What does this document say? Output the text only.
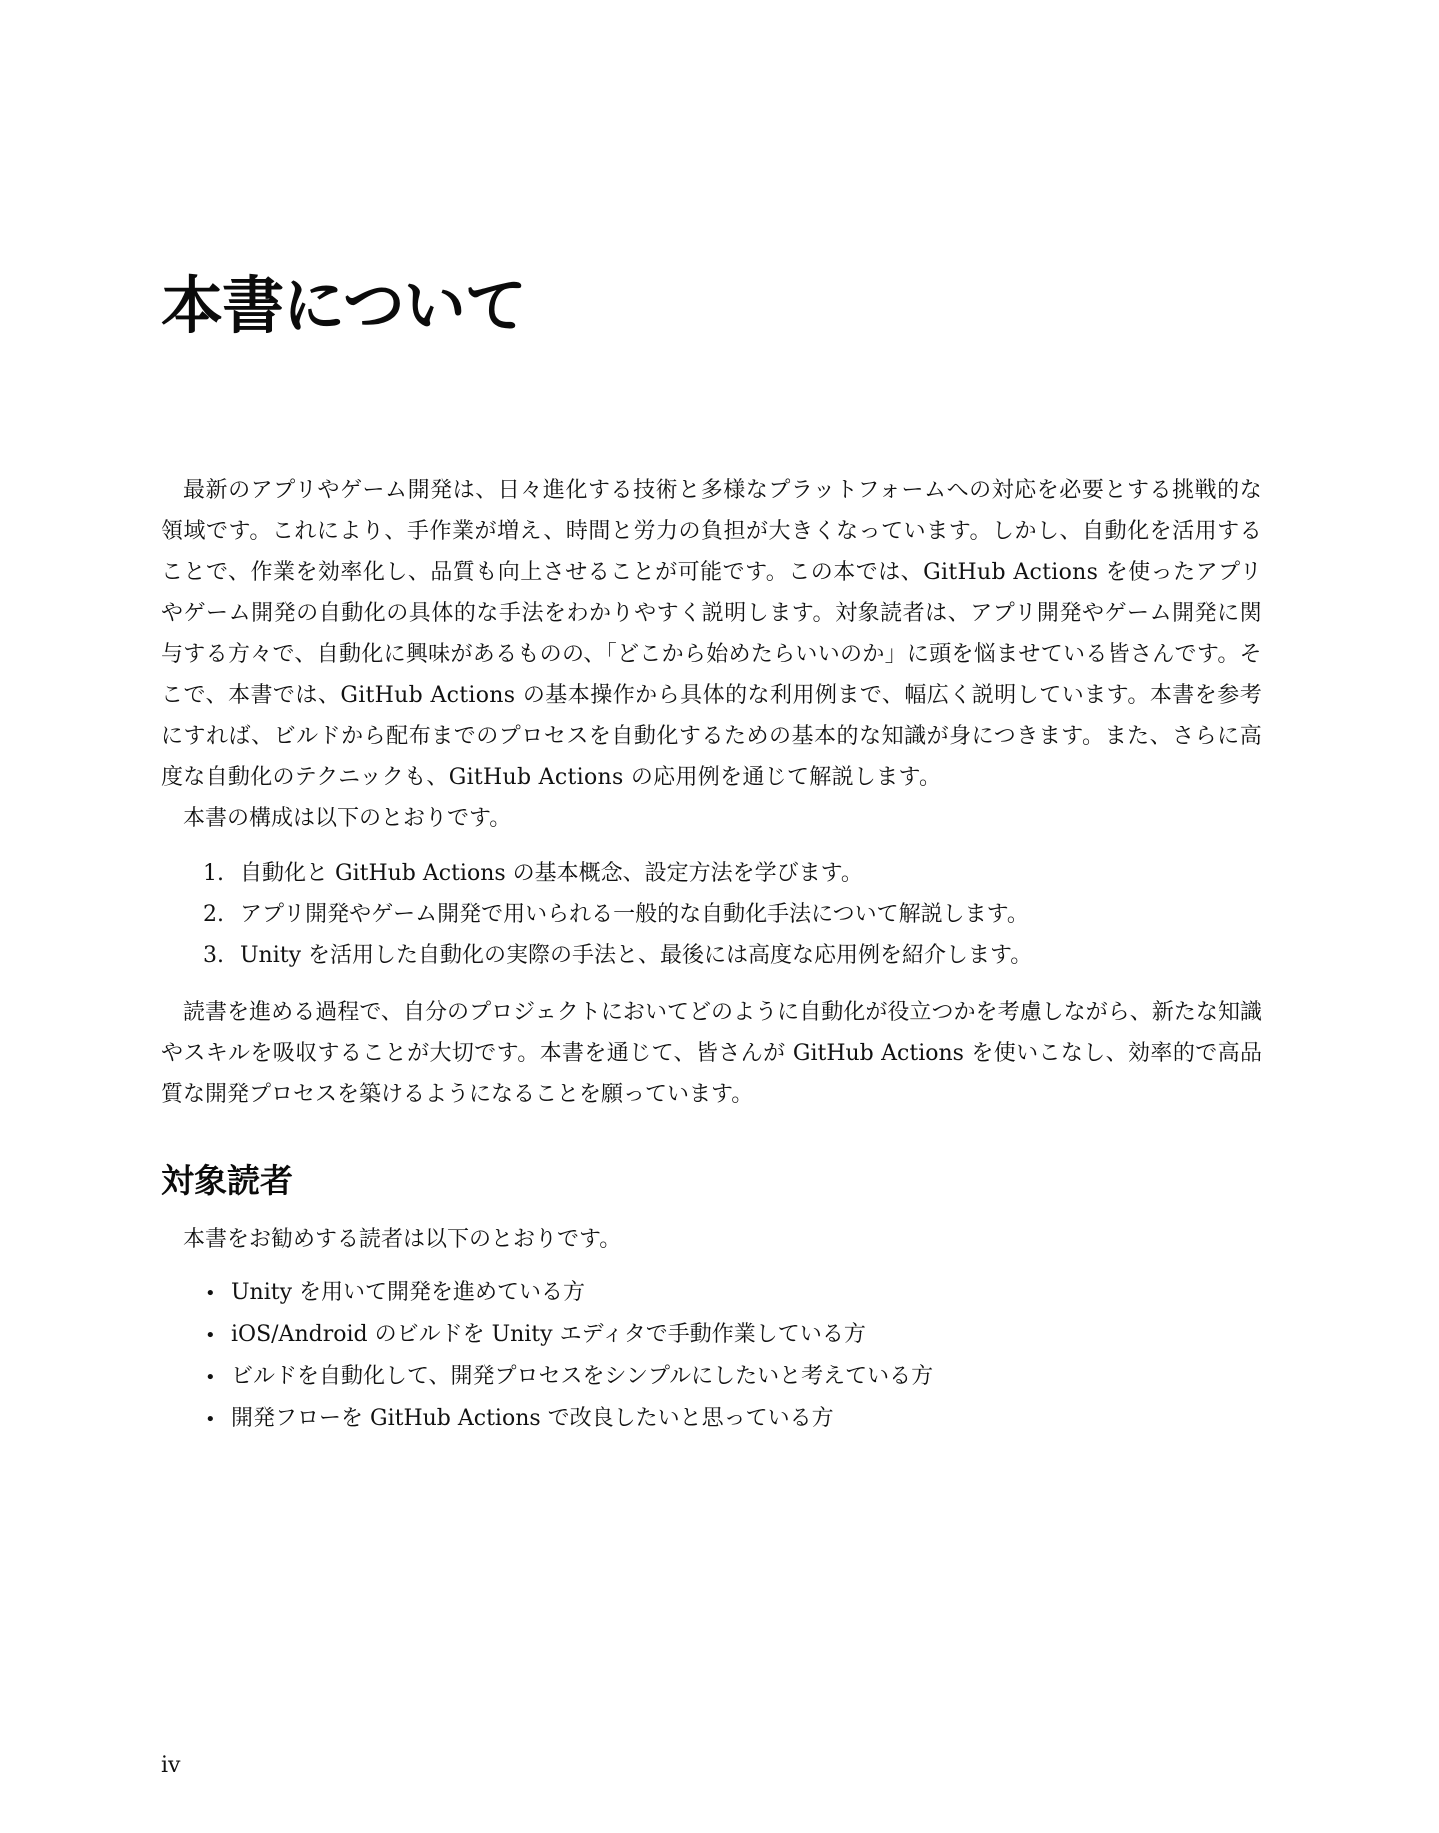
本書について

最新のアプリやゲーム開発は、日々進化する技術と多様なプラットフォームへの対応を必要とする挑戦的な領域です。これにより、手作業が増え、時間と労力の負担が大きくなっています。しかし、自動化を活用することで、作業を効率化し、品質も向上させることが可能です。この本では、GitHub Actions を使ったアプリやゲーム開発の自動化の具体的な手法をわかりやすく説明します。対象読者は、アプリ開発やゲーム開発に関与する方々で、自動化に興味があるものの、「どこから始めたらいいのか」に頭を悩ませている皆さんです。そこで、本書では、GitHub Actions の基本操作から具体的な利用例まで、幅広く説明しています。本書を参考にすれば、ビルドから配布までのプロセスを自動化するための基本的な知識が身につきます。また、さらに高度な自動化のテクニックも、GitHub Actions の応用例を通じて解説します。

本書の構成は以下のとおりです。

1. 自動化と GitHub Actions の基本概念、設定方法を学びます。
2. アプリ開発やゲーム開発で用いられる一般的な自動化手法について解説します。
3. Unity を活用した自動化の実際の手法と、最後には高度な応用例を紹介します。

読書を進める過程で、自分のプロジェクトにおいてどのように自動化が役立つかを考慮しながら、新たな知識やスキルを吸収することが大切です。本書を通じて、皆さんが GitHub Actions を使いこなし、効率的で高品質な開発プロセスを築けるようになることを願っています。

対象読者

本書をお勧めする読者は以下のとおりです。

• Unity を用いて開発を進めている方
• iOS/Android のビルドを Unity エディタで手動作業している方
• ビルドを自動化して、開発プロセスをシンプルにしたいと考えている方
• 開発フローを GitHub Actions で改良したいと思っている方

iv
